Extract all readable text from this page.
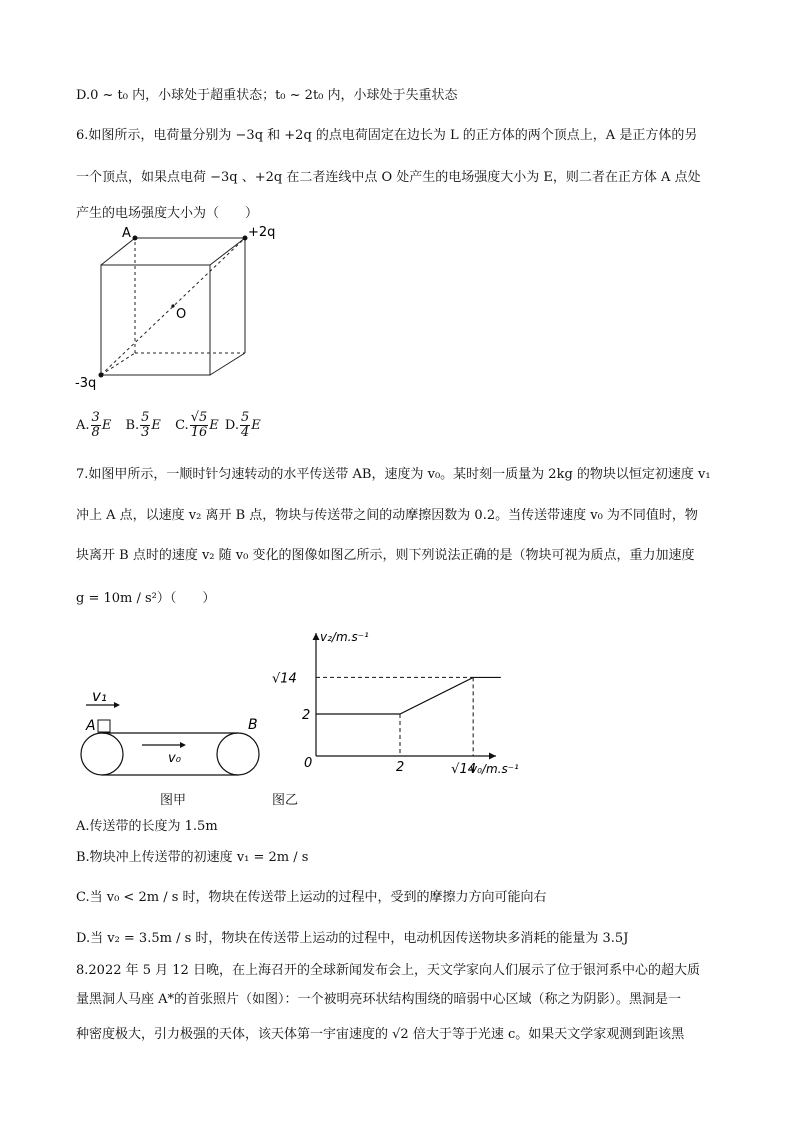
D.0 ~ t₀ 内，小球处于超重状态；t₀ ~ 2t₀ 内，小球处于失重状态
6.如图所示，电荷量分别为 −3q 和 +2q 的点电荷固定在边长为 L 的正方体的两个顶点上，A 是正方体的另
一个顶点，如果点电荷 −3q 、+2q 在二者连线中点 O 处产生的电场强度大小为 E，则二者在正方体 A 点处
产生的电场强度大小为（　　）
A	+2q
-3q
O
A. $\frac{3}{8}$ E B. $\frac{5}{3}$ E C. $\frac{√5}{16}$ E D. $\frac{5}{4}$ E
7.如图甲所示，一顺时针匀速转动的水平传送带 AB，速度为 v₀。某时刻一质量为 2kg 的物块以恒定初速度 v₁
冲上 A 点，以速度 v₂ 离开 B 点，物块与传送带之间的动摩擦因数为 0.2。当传送带速度 v₀ 为不同值时，物
块离开 B 点时的速度 v₂ 随 v₀ 变化的图像如图乙所示，则下列说法正确的是（物块可视为质点，重力加速度
g = 10m / s²）（　　）
v₁
A	B
v₀
图甲
v₂/m.s⁻¹
v₀/m.s⁻¹
0	2	√14
2
√14
图乙
A.传送带的长度为 1.5m
B.物块冲上传送带的初速度 v₁ = 2m / s
C.当 v₀ < 2m / s 时，物块在传送带上运动的过程中，受到的摩擦力方向可能向右
D.当 v₂ = 3.5m / s 时，物块在传送带上运动的过程中，电动机因传送物块多消耗的能量为 3.5J
8.2022 年 5 月 12 日晚，在上海召开的全球新闻发布会上，天文学家向人们展示了位于银河系中心的超大质
量黑洞人马座 A*的首张照片（如图）：一个被明亮环状结构围绕的暗弱中心区域（称之为阴影）。黑洞是一
种密度极大，引力极强的天体，该天体第一宇宙速度的 √2 倍大于等于光速 c。如果天文学家观测到距该黑
